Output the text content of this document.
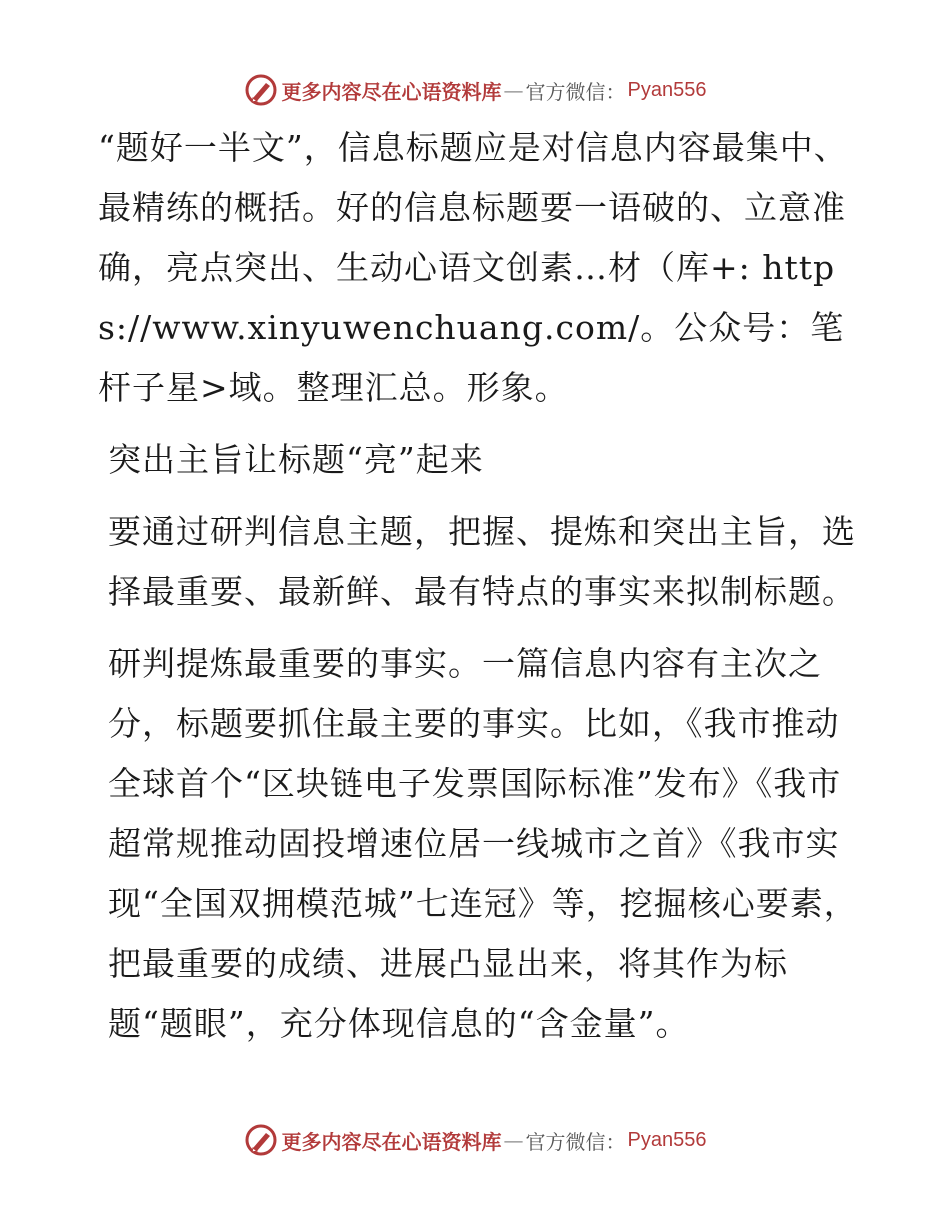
更多内容尽在心语资料库 — 官方微信： Pyan556

“题好一半文”，信息标题应是对信息内容最集中、最精练的概括。好的信息标题要一语破的、立意准确，亮点突出、生动心语文创素…材（库+: https://www.xinyuwenchuang.com/。公众号：笔杆子星>域。整理汇总。形象。

突出主旨让标题“亮”起来

要通过研判信息主题，把握、提炼和突出主旨，选择最重要、最新鲜、最有特点的事实来拟制标题。

研判提炼最重要的事实。一篇信息内容有主次之分，标题要抓住最主要的事实。比如，《我市推动全球首个“区块链电子发票国际标准”发布》《我市超常规推动固投增速位居一线城市之首》《我市实现“全国双拥模范城”七连冠》等，挖掘核心要素，把最重要的成绩、进展凸显出来，将其作为标题“题眼”，充分体现信息的“含金量”。

更多内容尽在心语资料库 — 官方微信： Pyan556
